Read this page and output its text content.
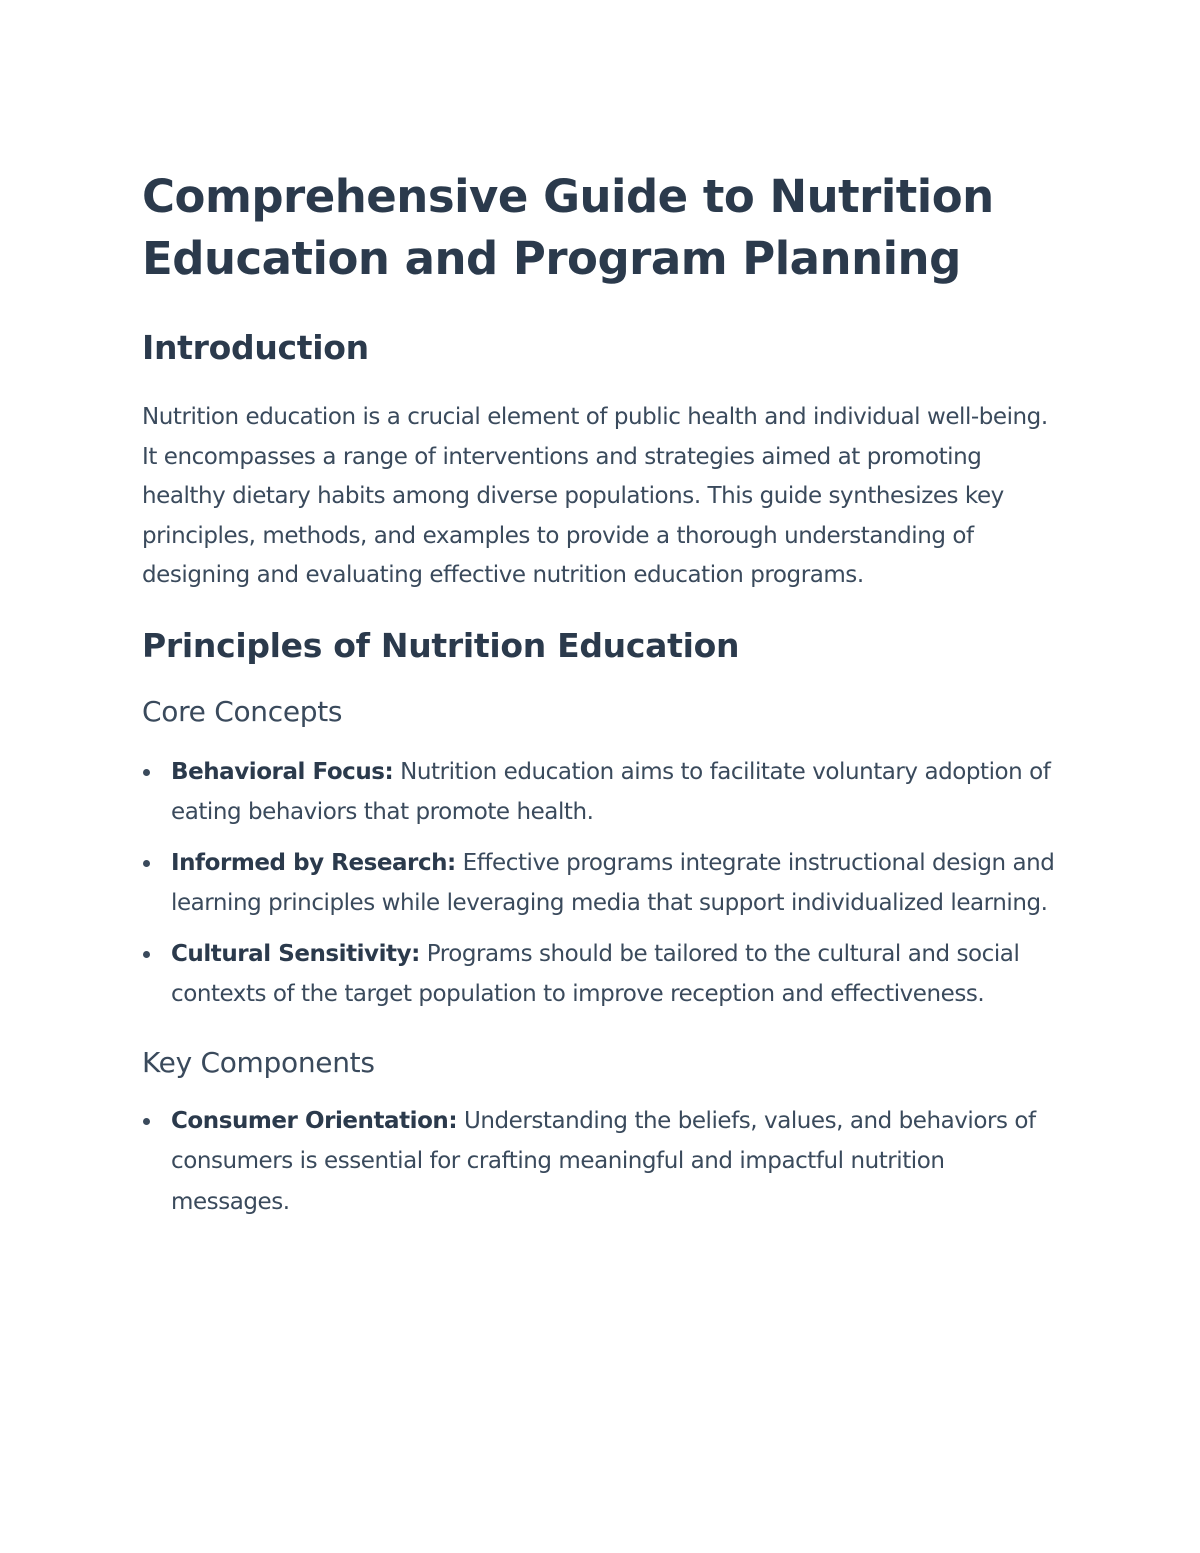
Comprehensive Guide to Nutrition Education and Program Planning
Introduction

Nutrition education is a crucial element of public health and individual well-being. It encompasses a range of interventions and strategies aimed at promoting healthy dietary habits among diverse populations. This guide synthesizes key principles, methods, and examples to provide a thorough understanding of designing and evaluating effective nutrition education programs.

Principles of Nutrition Education
Core Concepts
Behavioral Focus: Nutrition education aims to facilitate voluntary adoption of eating behaviors that promote health.
Informed by Research: Effective programs integrate instructional design and learning principles while leveraging media that support individualized learning.
Cultural Sensitivity: Programs should be tailored to the cultural and social contexts of the target population to improve reception and effectiveness.
Key Components
Consumer Orientation: Understanding the beliefs, values, and behaviors of consumers is essential for crafting meaningful and impactful nutrition messages.
